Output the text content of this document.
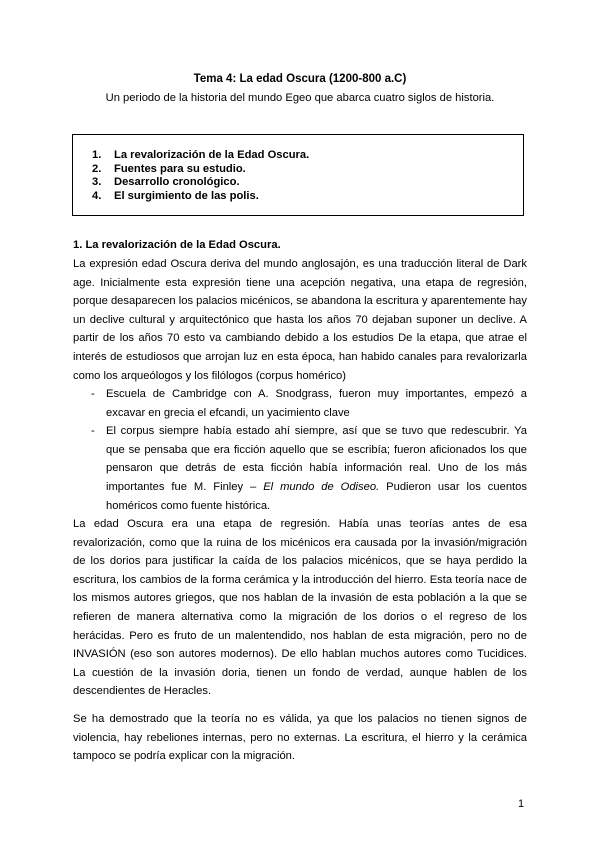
Tema 4: La edad Oscura (1200-800 a.C)
Un periodo de la historia del mundo Egeo que abarca cuatro siglos de historia.
1.	La revalorización de la Edad Oscura.
2.	Fuentes para su estudio.
3.	Desarrollo cronológico.
4.	El surgimiento de las polis.
1. La revalorización de la Edad Oscura.

La expresión edad Oscura deriva del mundo anglosajón, es una traducción literal de Dark age. Inicialmente esta expresión tiene una acepción negativa, una etapa de regresión, porque desaparecen los palacios micénicos, se abandona la escritura y aparentemente hay un declive cultural y arquitectónico que hasta los años 70 dejaban suponer un declive. A partir de los años 70 esto va cambiando debido a los estudios De la etapa, que atrae el interés de estudiosos que arrojan luz en esta época, han habido canales para revalorizarla como los arqueólogos y los filólogos (corpus homérico)

- Escuela de Cambridge con A. Snodgrass, fueron muy importantes, empezó a excavar en grecia el efcandi, un yacimiento clave
- El corpus siempre había estado ahí siempre, así que se tuvo que redescubrir. Ya que se pensaba que era ficción aquello que se escribía; fueron aficionados los que pensaron que detrás de esta ficción había información real. Uno de los más importantes fue M. Finley – El mundo de Odiseo. Pudieron usar los cuentos homéricos como fuente histórica.

La edad Oscura era una etapa de regresión. Había unas teorías antes de esa revalorización, como que la ruina de los micénicos era causada por la invasión/migración de los dorios para justificar la caída de los palacios micénicos, que se haya perdido la escritura, los cambios de la forma cerámica y la introducción del hierro. Esta teoría nace de los mismos autores griegos, que nos hablan de la invasión de esta población a la que se refieren de manera alternativa como la migración de los dorios o el regreso de los herácidas. Pero es fruto de un malentendido, nos hablan de esta migración, pero no de INVASIÓN (eso son autores modernos). De ello hablan muchos autores como Tucidices. La cuestión de la invasión doria, tienen un fondo de verdad, aunque hablen de los descendientes de Heracles.

Se ha demostrado que la teoría no es válida, ya que los palacios no tienen signos de violencia, hay rebeliones internas, pero no externas. La escritura, el hierro y la cerámica tampoco se podría explicar con la migración.

1
